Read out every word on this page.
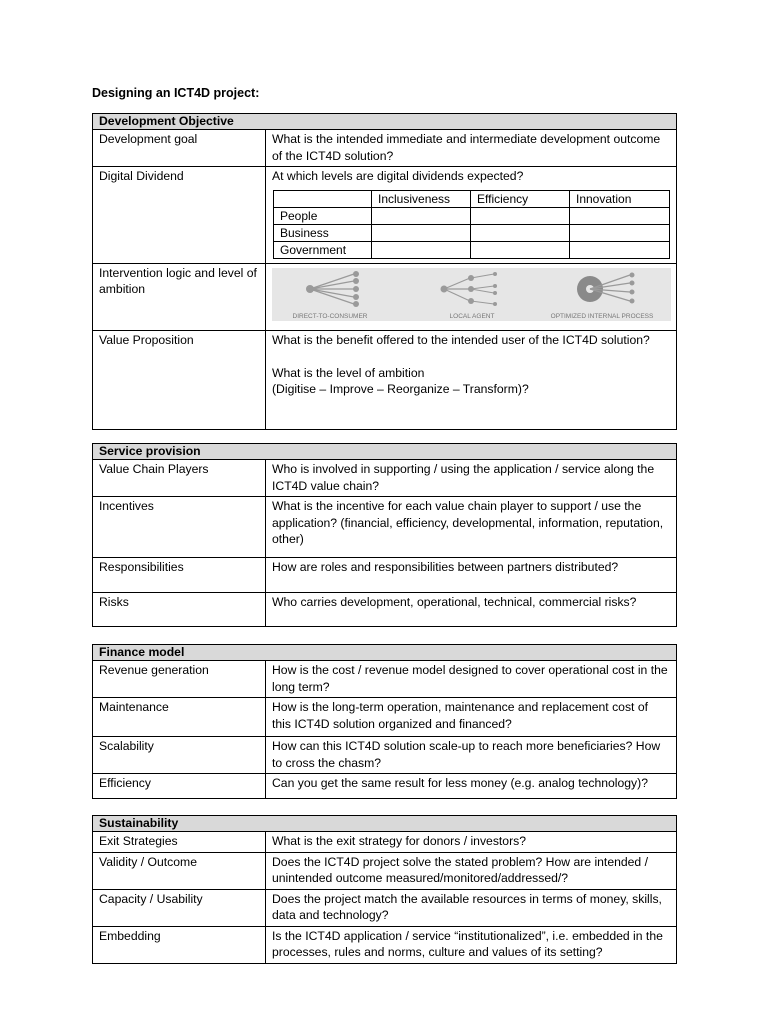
Designing an ICT4D project:
Development Objective
Development goal	What is the intended immediate and intermediate development outcome of the ICT4D solution?
Digital Dividend	At which levels are digital dividends expected?
	Inclusiveness	Efficiency	Innovation
People			
Business			
Government			

Intervention logic and level of ambition	
DIRECT-TO-CONSUMER	LOCAL AGENT	OPTIMIZED INTERNAL PROCESS

Value Proposition	What is the benefit offered to the intended user of the ICT4D solution?
What is the level of ambition
(Digitise – Improve – Reorganize – Transform)?
Service provision	
Value Chain Players	Who is involved in supporting / using the application / service along the ICT4D value chain?
Incentives	What is the incentive for each value chain player to support / use the application? (financial, efficiency, developmental, information, reputation, other)
Responsibilities	How are roles and responsibilities between partners distributed?
Risks	Who carries development, operational, technical, commercial risks?
Finance model	
Revenue generation	How is the cost / revenue model designed to cover operational cost in the long term?
Maintenance	How is the long-term operation, maintenance and replacement cost of this ICT4D solution organized and financed?
Scalability	How can this ICT4D solution scale-up to reach more beneficiaries? How to cross the chasm?
Efficiency	Can you get the same result for less money (e.g. analog technology)?
Sustainability	
Exit Strategies	What is the exit strategy for donors / investors?
Validity / Outcome	Does the ICT4D project solve the stated problem? How are intended / unintended outcome measured/monitored/addressed/?
Capacity / Usability	Does the project match the available resources in terms of money, skills, data and technology?
Embedding	Is the ICT4D application / service “institutionalized”, i.e. embedded in the processes, rules and norms, culture and values of its setting?
